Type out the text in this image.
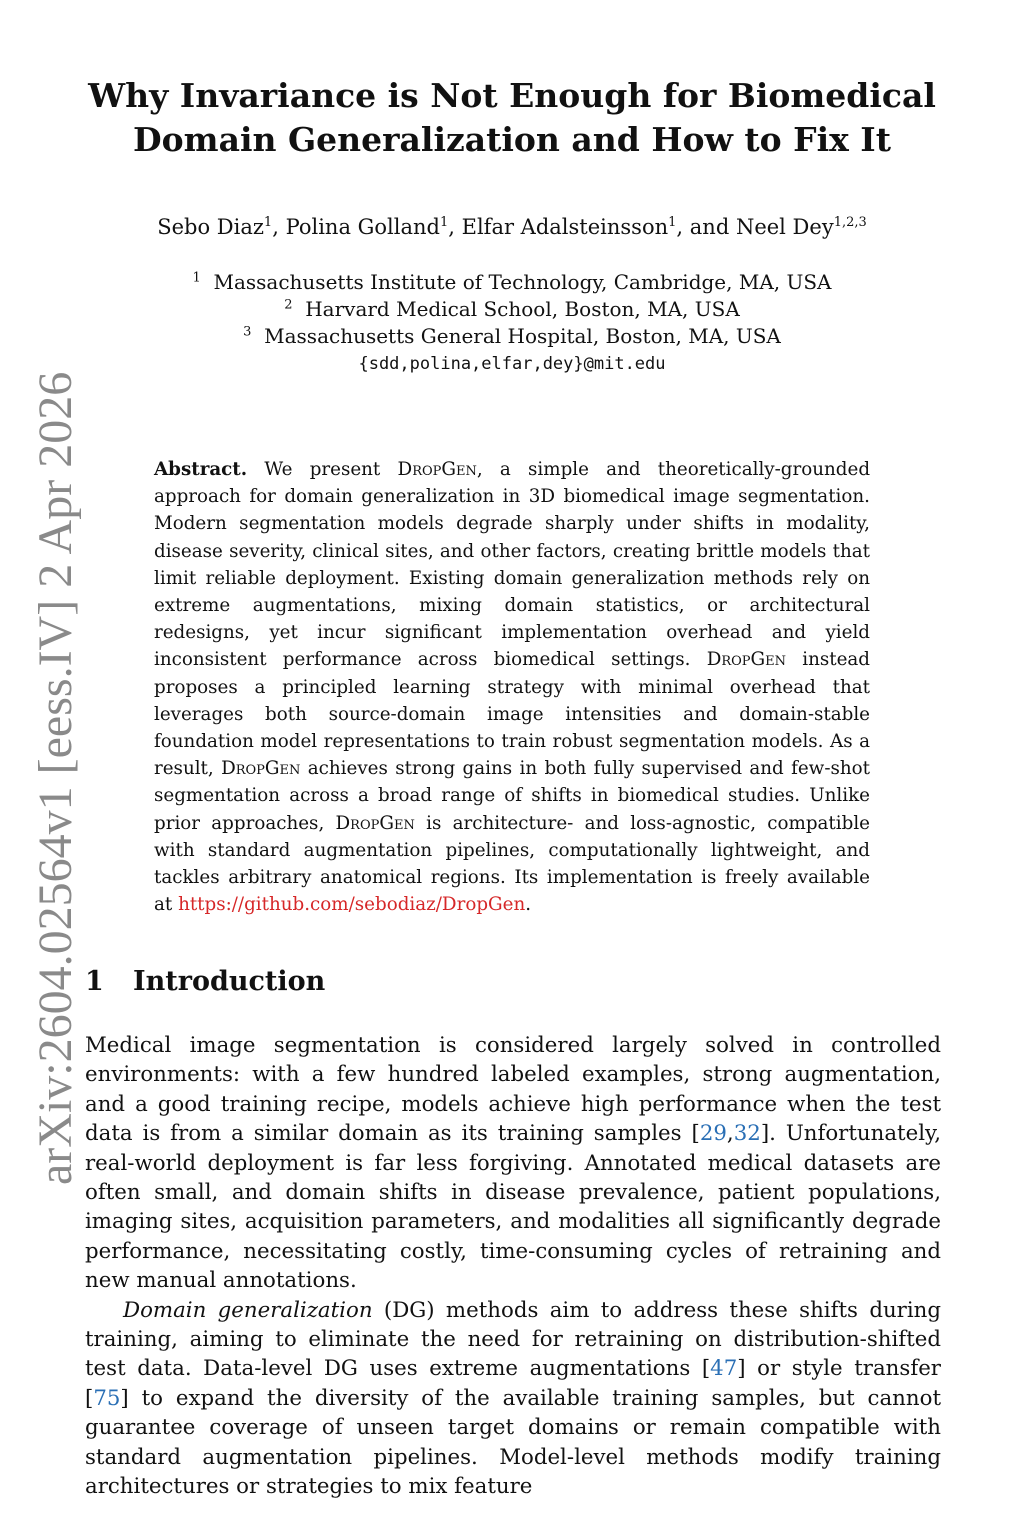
Why Invariance is Not Enough for Biomedical
Domain Generalization and How to Fix It
Sebo Diaz$^1$, Polina Golland$^1$, Elfar Adalsteinsson$^1$, and Neel Dey$^{1,2,3}$
$^1$ Massachusetts Institute of Technology, Cambridge, MA, USA
$^2$ Harvard Medical School, Boston, MA, USA
$^3$ Massachusetts General Hospital, Boston, MA, USA
{sdd,polina,elfar,dey}@mit.edu
arXiv:2604.02564v1 [eess.IV] 2 Apr 2026	Abstract. We present DropGen, a simple and theoretically-grounded approach for domain generalization in 3D biomedical image segmentation. Modern segmentation models degrade sharply under shifts in modality, disease severity, clinical sites, and other factors, creating brittle models that limit reliable deployment. Existing domain generalization methods rely on extreme augmentations, mixing domain statistics, or architectural redesigns, yet incur significant implementation overhead and yield inconsistent performance across biomedical settings. DropGen instead proposes a principled learning strategy with minimal overhead that leverages both source-domain image intensities and domain-stable foundation model representations to train robust segmentation models. As a result, DropGen achieves strong gains in both fully supervised and few-shot segmentation across a broad range of shifts in biomedical studies. Unlike prior approaches, DropGen is architecture- and loss-agnostic, compatible with standard augmentation pipelines, computationally lightweight, and tackles arbitrary anatomical regions. Its implementation is freely available at https://github.com/sebodiaz/DropGen.
1 Introduction

Medical image segmentation is considered largely solved in controlled environments: with a few hundred labeled examples, strong augmentation, and a good training recipe, models achieve high performance when the test data is from a similar domain as its training samples [29,32]. Unfortunately, real-world deployment is far less forgiving. Annotated medical datasets are often small, and domain shifts in disease prevalence, patient populations, imaging sites, acquisition parameters, and modalities all significantly degrade performance, necessitating costly, time-consuming cycles of retraining and new manual annotations.

Domain generalization (DG) methods aim to address these shifts during training, aiming to eliminate the need for retraining on distribution-shifted test data. Data-level DG uses extreme augmentations [47] or style transfer [75] to expand the diversity of the available training samples, but cannot guarantee coverage of unseen target domains or remain compatible with standard augmentation pipelines. Model-level methods modify training architectures or strategies to mix feature
